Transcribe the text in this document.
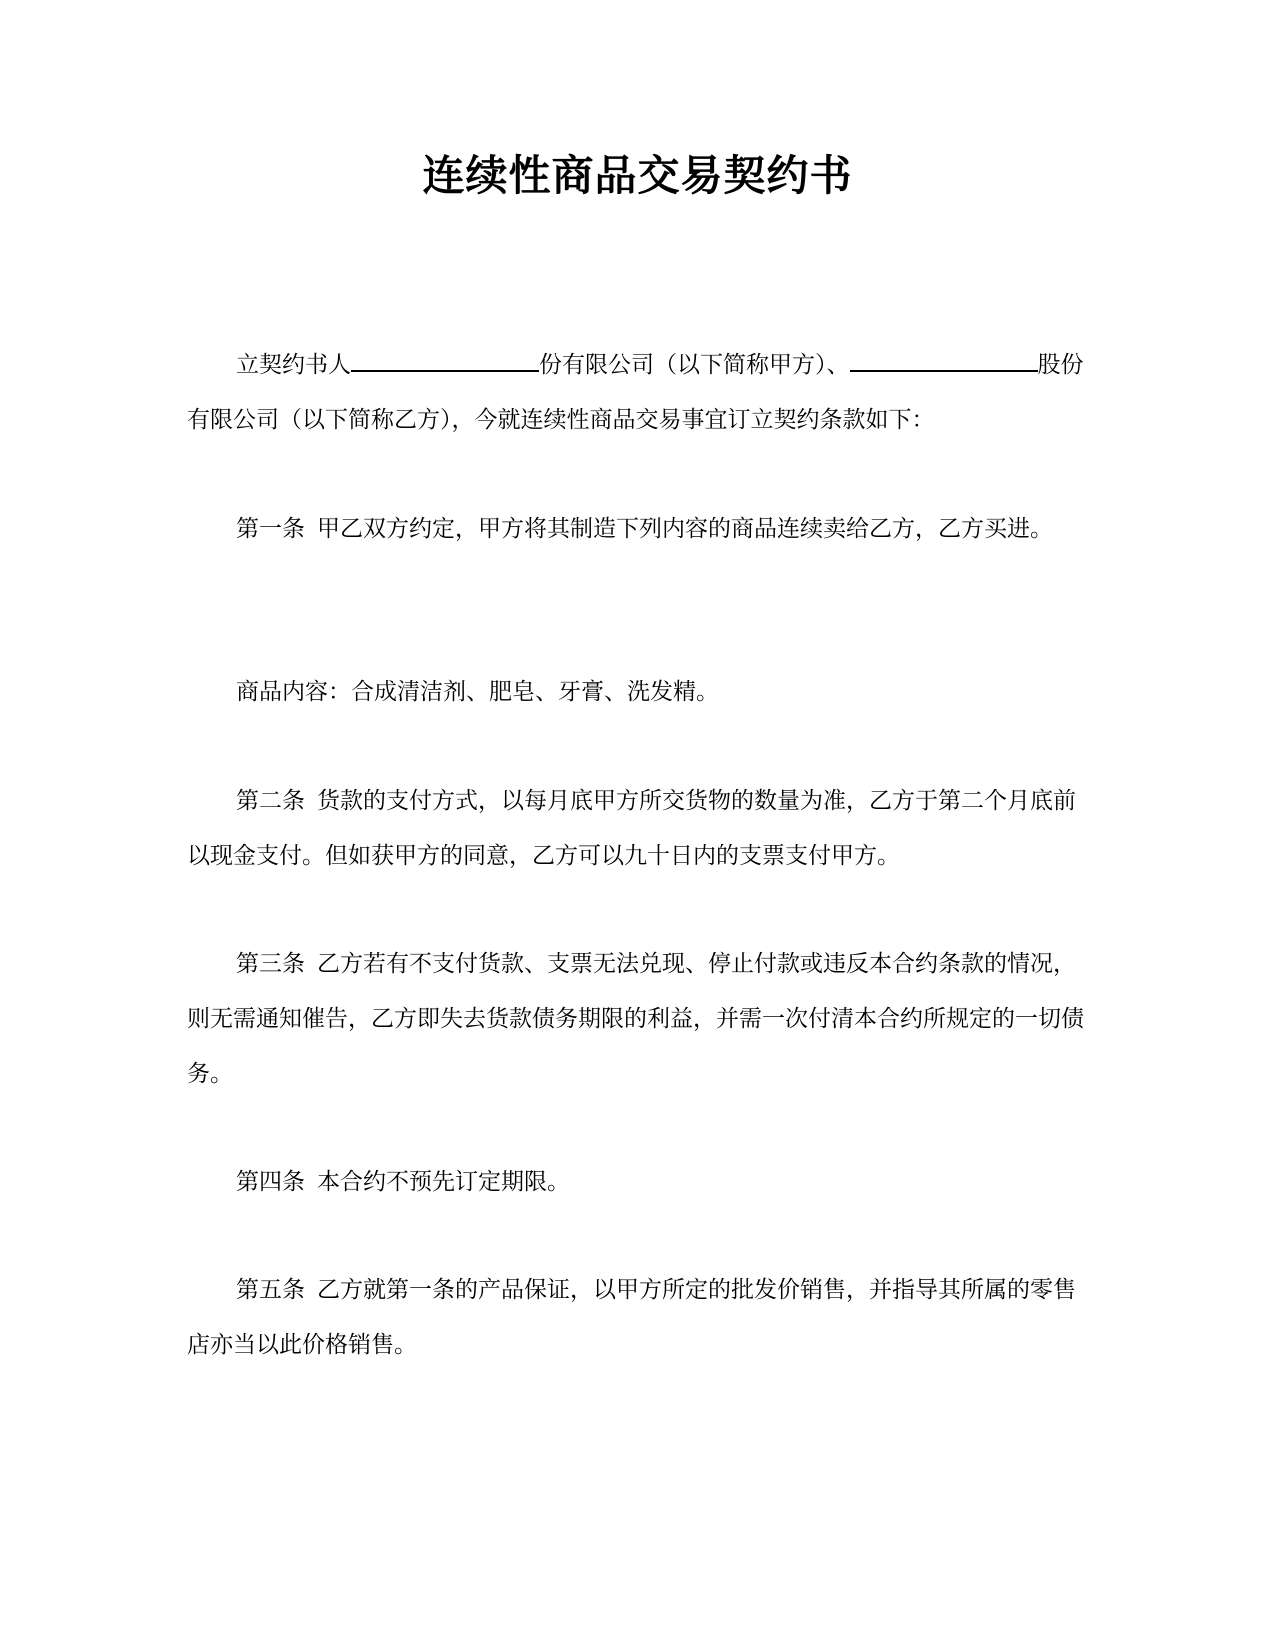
连续性商品交易契约书

立契约书人	份有限公司（以下简称甲方）、	股份有限公司（以下简称乙方），今就连续性商品交易事宜订立契约条款如下：

第一条 甲乙双方约定，甲方将其制造下列内容的商品连续卖给乙方，乙方买进。

商品内容：合成清洁剂、肥皂、牙膏、洗发精。

第二条 货款的支付方式，以每月底甲方所交货物的数量为准，乙方于第二个月底前以现金支付。但如获甲方的同意，乙方可以九十日内的支票支付甲方。

第三条 乙方若有不支付货款、支票无法兑现、停止付款或违反本合约条款的情况，则无需通知催告，乙方即失去货款债务期限的利益，并需一次付清本合约所规定的一切债务。

第四条 本合约不预先订定期限。

第五条 乙方就第一条的产品保证，以甲方所定的批发价销售，并指导其所属的零售店亦当以此价格销售。
